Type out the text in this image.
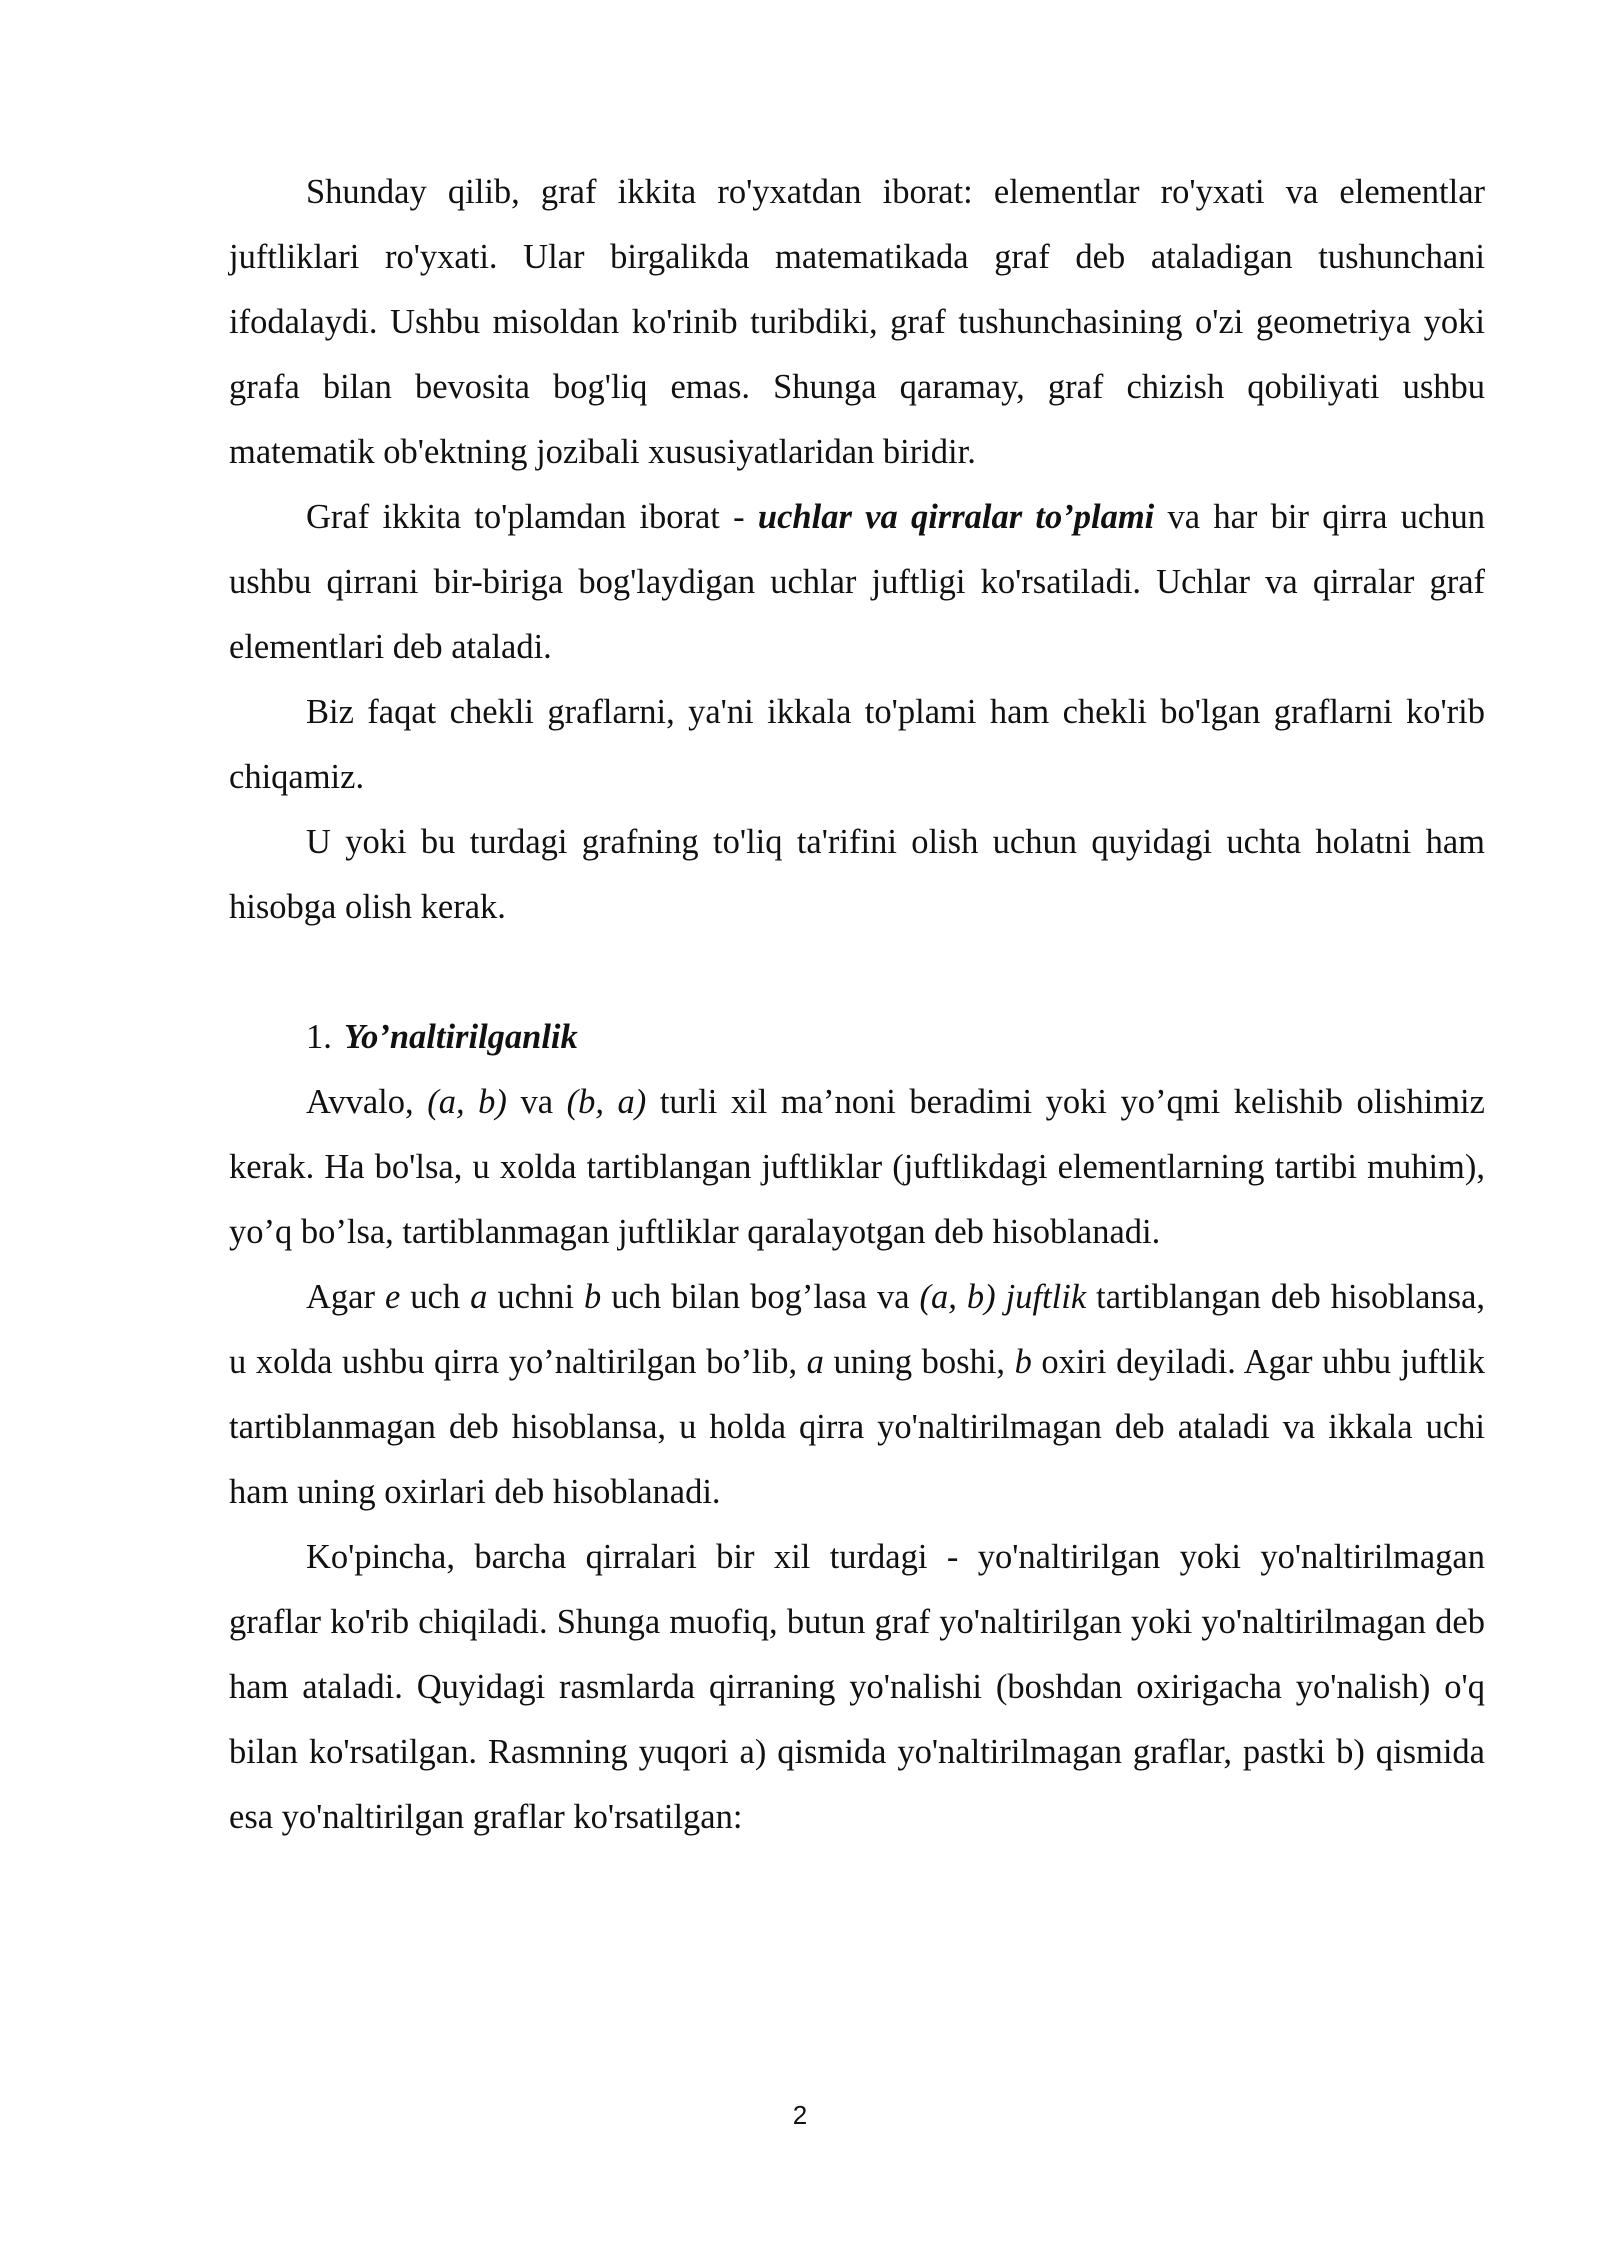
Shunday qilib, graf ikkita ro'yxatdan iborat: elementlar ro'yxati va elementlar juftliklari ro'yxati. Ular birgalikda matematikada graf deb ataladigan tushunchani ifodalaydi. Ushbu misoldan ko'rinib turibdiki, graf tushunchasining o'zi geometriya yoki grafa bilan bevosita bog'liq emas. Shunga qaramay, graf chizish qobiliyati ushbu matematik ob'ektning jozibali xususiyatlaridan biridir.

Graf ikkita to'plamdan iborat - uchlar va qirralar to’plami va har bir qirra uchun ushbu qirrani bir-biriga bog'laydigan uchlar juftligi ko'rsatiladi. Uchlar va qirralar graf elementlari deb ataladi.

Biz faqat chekli graflarni, ya'ni ikkala to'plami ham chekli bo'lgan graflarni ko'rib chiqamiz.

U yoki bu turdagi grafning to'liq ta'rifini olish uchun quyidagi uchta holatni ham hisobga olish kerak.

1. Yo’naltirilganlik

Avvalo, (a, b) va (b, a) turli xil ma’noni beradimi yoki yo’qmi kelishib olishimiz kerak. Ha bo'lsa, u xolda tartiblangan juftliklar (juftlikdagi elementlarning tartibi muhim), yo’q bo’lsa, tartiblanmagan juftliklar qaralayotgan deb hisoblanadi.

Agar e uch a uchni b uch bilan bog’lasa va (a, b) juftlik tartiblangan deb hisoblansa, u xolda ushbu qirra yo’naltirilgan bo’lib, a uning boshi, b oxiri deyiladi. Agar uhbu juftlik tartiblanmagan deb hisoblansa, u holda qirra yo'naltirilmagan deb ataladi va ikkala uchi ham uning oxirlari deb hisoblanadi.

Ko'pincha, barcha qirralari bir xil turdagi - yo'naltirilgan yoki yo'naltirilmagan graflar ko'rib chiqiladi. Shunga muofiq, butun graf yo'naltirilgan yoki yo'naltirilmagan deb ham ataladi. Quyidagi rasmlarda qirraning yo'nalishi (boshdan oxirigacha yo'nalish) o'q bilan ko'rsatilgan. Rasmning yuqori a) qismida yo'naltirilmagan graflar, pastki b) qismida esa yo'naltirilgan graflar ko'rsatilgan:

2
